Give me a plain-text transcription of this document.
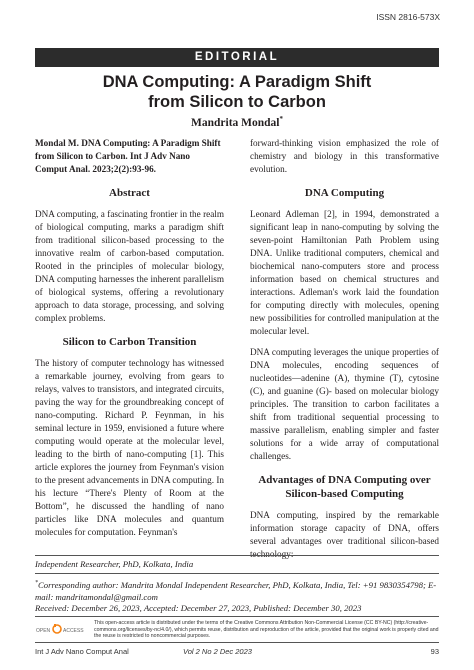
ISSN 2816-573X
EDITORIAL
DNA Computing: A Paradigm Shift
from Silicon to Carbon
Mandrita Mondal*
Mondal M. DNA Computing: A Paradigm Shift from Silicon to Carbon. Int J Adv Nano Comput Anal. 2023;2(2):93-96.
Abstract

DNA computing, a fascinating frontier in the realm of biological computing, marks a paradigm shift from traditional silicon-based processing to the innovative realm of carbon-based computation. Rooted in the principles of molecular biology, DNA computing harnesses the inherent parallelism of biological systems, offering a revolutionary approach to data storage, processing, and solving complex problems.

Silicon to Carbon Transition

The history of computer technology has witnessed a remarkable journey, evolving from gears to relays, valves to transistors, and integrated circuits, paving the way for the groundbreaking concept of nano-computing. Richard P. Feynman, in his seminal lecture in 1959, envisioned a future where computing would operate at the molecular level, leading to the birth of nano-computing [1]. This article explores the journey from Feynman's vision to the present advancements in DNA computing. In his lecture “There's Plenty of Room at the Bottom”, he discussed the handling of nano particles like DNA molecules and quantum molecules for computation. Feynman's

forward-thinking vision emphasized the role of chemistry and biology in this transformative evolution.

DNA Computing

Leonard Adleman [2], in 1994, demonstrated a significant leap in nano-computing by solving the seven-point Hamiltonian Path Problem using DNA. Unlike traditional computers, chemical and biochemical nano-computers store and process information based on chemical structures and interactions. Adleman's work laid the foundation for computing directly with molecules, opening new possibilities for controlled manipulation at the molecular level.

DNA computing leverages the unique properties of DNA molecules, encoding sequences of nucleotides—adenine (A), thymine (T), cytosine (C), and guanine (G)- based on molecular biology principles. The transition to carbon facilitates a shift from traditional sequential processing to massive parallelism, enabling simpler and faster solutions for a wide array of computational challenges.

Advantages of DNA Computing over Silicon-based Computing

DNA computing, inspired by the remarkable information storage capacity of DNA, offers several advantages over traditional silicon-based technology:

Independent Researcher, PhD, Kolkata, India
*Corresponding author: Mandrita Mondal Independent Researcher, PhD, Kolkata, India, Tel: +91 9830354798; E-mail: mandritamondal@gmail.com
Received: December 26, 2023, Accepted: December 27, 2023, Published: December 30, 2023
OPEN	ACCESS
This open-access article is distributed under the terms of the Creative Commons Attribution Non-Commercial License (CC BY-NC) (http://creative-commons.org/licenses/by-nc/4.0/), which permits reuse, distribution and reproduction of the article, provided that the original work is properly cited and the reuse is restricted to noncommercial purposes.
Int J Adv Nano Comput Anal	Vol 2 No 2 Dec 2023	93
